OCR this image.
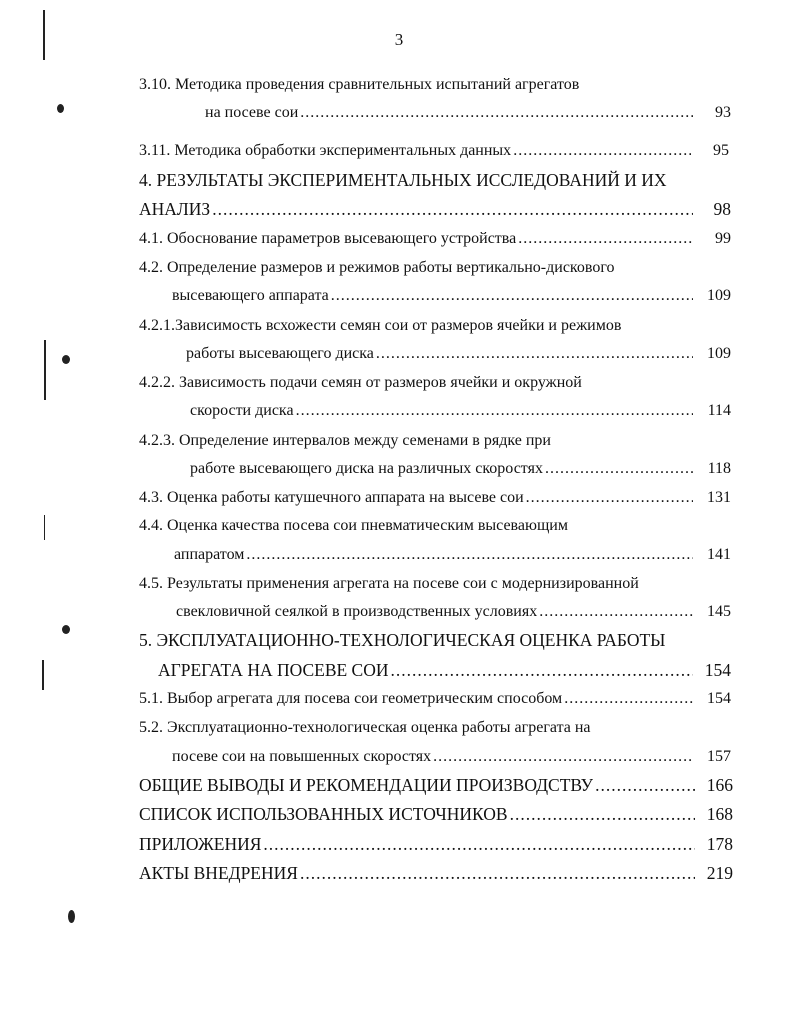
3
3.10. Методика проведения сравнительных испытаний агрегатов
на посеве сои .....	93
3.11. Методика обработки экспериментальных данных .....	95
4. РЕЗУЛЬТАТЫ ЭКСПЕРИМЕНТАЛЬНЫХ ИССЛЕДОВАНИЙ И ИХ
АНАЛИЗ .....	98
4.1. Обоснование параметров высевающего устройства .....	99
4.2. Определение размеров и режимов работы вертикально-дискового
высевающего аппарата .....	109
4.2.1.Зависимость всхожести семян сои от размеров ячейки и режимов
работы высевающего диска .....	109
4.2.2. Зависимость подачи семян от размеров ячейки и окружной
скорости диска .....	114
4.2.3. Определение интервалов между семенами в рядке при
работе высевающего диска на различных скоростях .....	118
4.3. Оценка работы катушечного аппарата на высеве сои .....	131
4.4. Оценка качества посева сои пневматическим высевающим
аппаратом .....	141
4.5. Результаты применения агрегата на посеве сои с модернизированной
свекловичной сеялкой в производственных условиях .....	145
5. ЭКСПЛУАТАЦИОННО-ТЕХНОЛОГИЧЕСКАЯ ОЦЕНКА РАБОТЫ
АГРЕГАТА НА ПОСЕВЕ СОИ .....	154
5.1. Выбор агрегата для посева сои геометрическим способом .....	154
5.2. Эксплуатационно-технологическая оценка работы агрегата на
посеве сои на повышенных скоростях .....	157
ОБЩИЕ ВЫВОДЫ И РЕКОМЕНДАЦИИ ПРОИЗВОДСТВУ .....	166
СПИСОК ИСПОЛЬЗОВАННЫХ ИСТОЧНИКОВ .....	168
ПРИЛОЖЕНИЯ .....	178
АКТЫ ВНЕДРЕНИЯ .....	219
